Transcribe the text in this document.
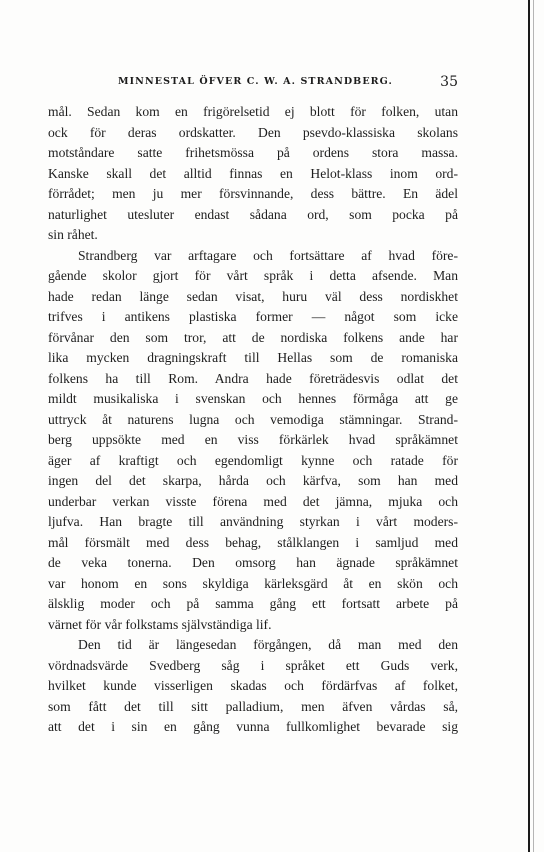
MINNESTAL ÖFVER C. W. A. STRANDBERG.	35
mål. Sedan kom en frigörelsetid ej blott för folken, utan
ock för deras ordskatter. Den psevdo-klassiska skolans
motståndare satte frihetsmössa på ordens stora massa.
Kanske skall det alltid finnas en Helot-klass inom ord-
förrådet; men ju mer försvinnande, dess bättre. En ädel
naturlighet utesluter endast sådana ord, som pocka på
sin råhet.
Strandberg var arftagare och fortsättare af hvad före-
gående skolor gjort för vårt språk i detta afsende. Man
hade redan länge sedan visat, huru väl dess nordiskhet
trifves i antikens plastiska former — något som icke
förvånar den som tror, att de nordiska folkens ande har
lika mycken dragningskraft till Hellas som de romaniska
folkens ha till Rom. Andra hade företrädesvis odlat det
mildt musikaliska i svenskan och hennes förmåga att ge
uttryck åt naturens lugna och vemodiga stämningar. Strand-
berg uppsökte med en viss förkärlek hvad språkämnet
äger af kraftigt och egendomligt kynne och ratade för
ingen del det skarpa, hårda och kärfva, som han med
underbar verkan visste förena med det jämna, mjuka och
ljufva. Han bragte till användning styrkan i vårt moders-
mål försmält med dess behag, stålklangen i samljud med
de veka tonerna. Den omsorg han ägnade språkämnet
var honom en sons skyldiga kärleksgärd åt en skön och
älsklig moder och på samma gång ett fortsatt arbete på
värnet för vår folkstams självständiga lif.
Den tid är längesedan förgången, då man med den
vördnadsvärde Svedberg såg i språket ett Guds verk,
hvilket kunde visserligen skadas och fördärfvas af folket,
som fått det till sitt palladium, men äfven vårdas så,
att det i sin en gång vunna fullkomlighet bevarade sig
